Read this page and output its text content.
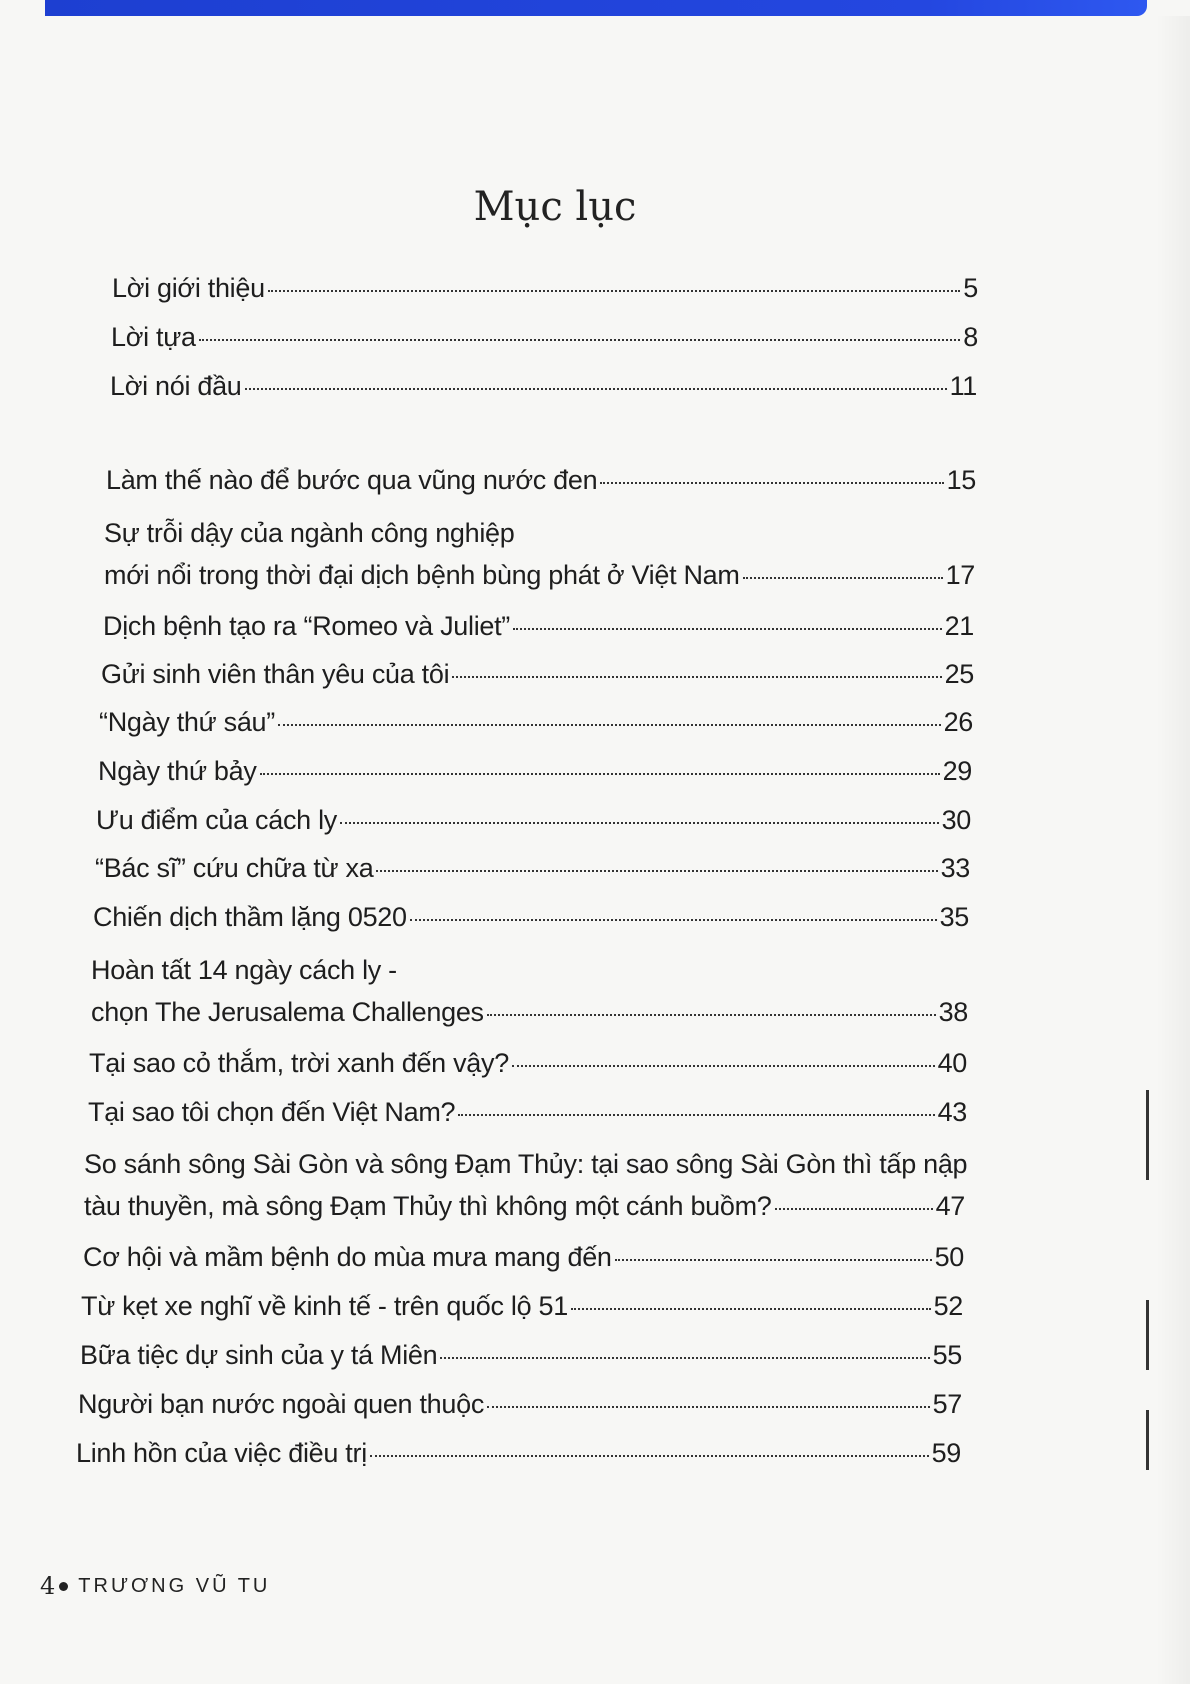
Mục lục
Lời giới thiệu	5
Lời tựa	8
Lời nói đầu	11
Làm thế nào để bước qua vũng nước đen	15
Sự trỗi dậy của ngành công nghiệp
mới nổi trong thời đại dịch bệnh bùng phát ở Việt Nam	17
Dịch bệnh tạo ra “Romeo và Juliet”	21
Gửi sinh viên thân yêu của tôi	25
“Ngày thứ sáu”	26
Ngày thứ bảy	29
Ưu điểm của cách ly	30
“Bác sĩ” cứu chữa từ xa	33
Chiến dịch thầm lặng 0520	35
Hoàn tất 14 ngày cách ly -
chọn The Jerusalema Challenges	38
Tại sao cỏ thắm, trời xanh đến vậy?	40
Tại sao tôi chọn đến Việt Nam?	43
So sánh sông Sài Gòn và sông Đạm Thủy: tại sao sông Sài Gòn thì tấp nập
tàu thuyền, mà sông Đạm Thủy thì không một cánh buồm?	47
Cơ hội và mầm bệnh do mùa mưa mang đến	50
Từ kẹt xe nghĩ về kinh tế - trên quốc lộ 51	52
Bữa tiệc dự sinh của y tá Miên	55
Người bạn nước ngoài quen thuộc	57
Linh hồn của việc điều trị	59
4 TRƯƠNG VŨ TU
